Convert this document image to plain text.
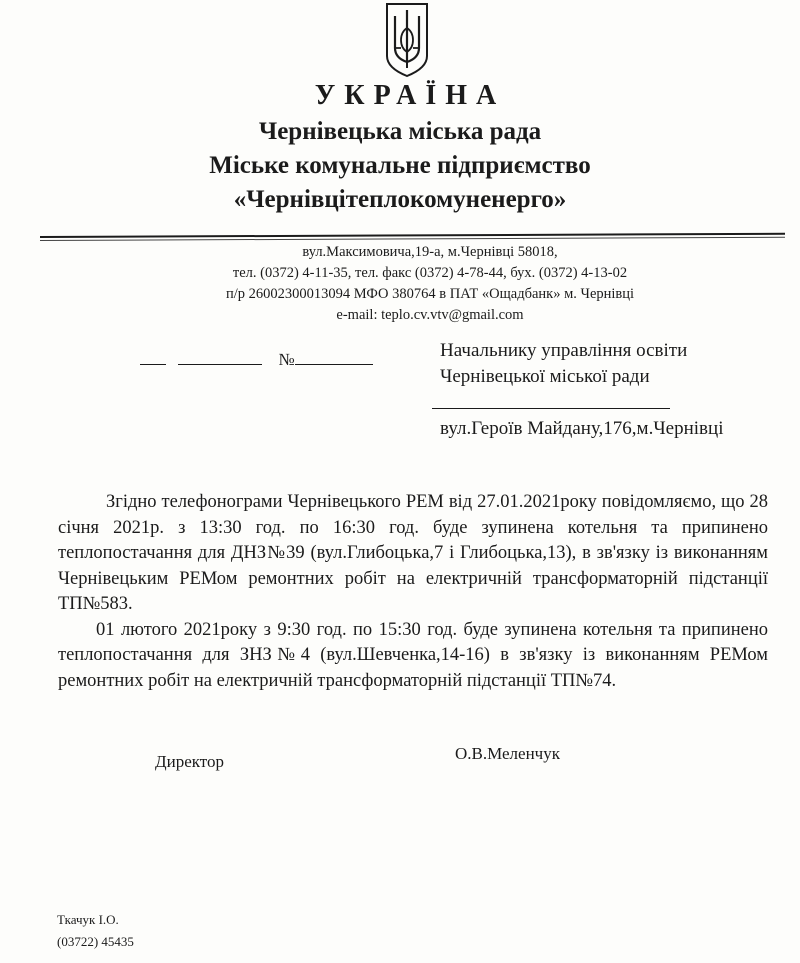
УКРАЇНА
Чернівецька міська рада
Міське комунальне підприємство
«Чернівцітеплокомуненерго»
вул.Максимовича,19-а, м.Чернівці 58018,
тел. (0372) 4-11-35, тел. факс (0372) 4-78-44, бух. (0372) 4-13-02
п/р 26002300013094 МФО 380764 в ПАТ «Ощадбанк» м. Чернівці
e-mail: teplo.cv.vtv@gmail.com
№	Начальнику управління освіти
Чернівецької міської ради
вул.Героїв Майдану,176,м.Чернівці

Згідно телефонограми Чернівецького РЕМ від 27.01.2021року повідомляємо, що 28 січня 2021р. з 13:30 год. по 16:30 год. буде зупинена котельня та припинено теплопостачання для ДНЗ№39 (вул.Глибоцька,7 і Глибоцька,13), в зв'язку із виконанням Чернівецьким РЕМом ремонтних робіт на електричній трансформаторній підстанції ТП№583.

01 лютого 2021року з 9:30 год. по 15:30 год. буде зупинена котельня та припинено теплопостачання для ЗНЗ№4 (вул.Шевченка,14-16) в зв'язку із виконанням РЕМом ремонтних робіт на електричній трансформаторній підстанції ТП№74.

Директор	О.В.Меленчук
Ткачук І.О.
(03722) 45435
